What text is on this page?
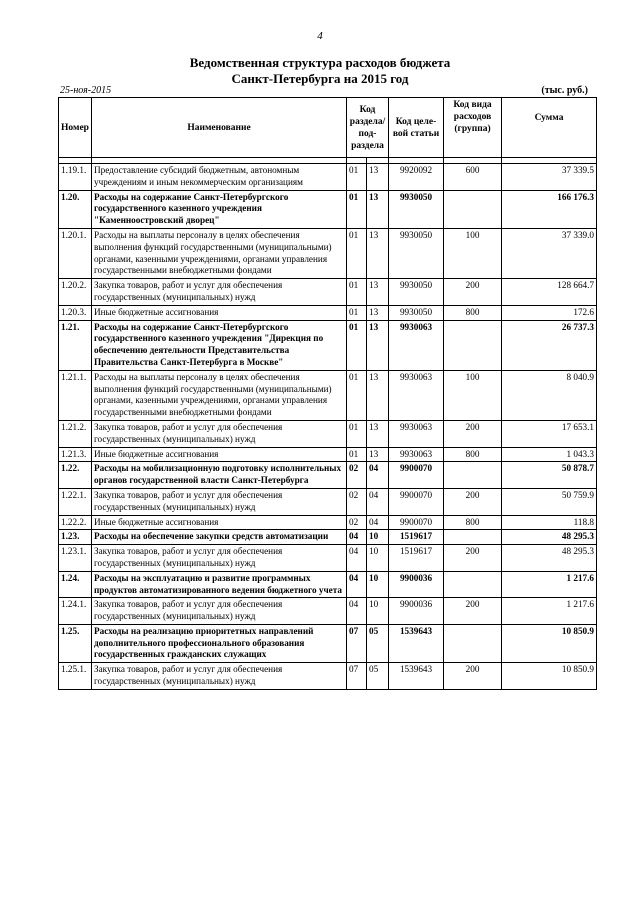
4
Ведомственная структура расходов бюджета
Санкт-Петербурга на 2015 год
25-ноя-2015	(тыс. руб.)
Номер	Наименование	Код раздела/ под-раздела		Код целе-вой статьи	Код вида расходов (группа)	Сумма

1.19.1.	Предоставление субсидий бюджетным, автономным учреждениям и иным некоммерческим организациям	01	13	9920092	600	37 339.5
1.20.	Расходы на содержание Санкт-Петербургского государственного казенного учреждения "Каменноостровский дворец"	01	13	9930050		166 176.3
1.20.1.	Расходы на выплаты персоналу в целях обеспечения выполнения функций государственными (муниципальными) органами, казенными учреждениями, органами управления государственными внебюджетными фондами	01	13	9930050	100	37 339.0
1.20.2.	Закупка товаров, работ и услуг для обеспечения государственных (муниципальных) нужд	01	13	9930050	200	128 664.7
1.20.3.	Иные бюджетные ассигнования	01	13	9930050	800	172.6
1.21.	Расходы на содержание Санкт-Петербургского государственного казенного учреждения "Дирекция по обеспечению деятельности Представительства Правительства Санкт-Петербурга в Москве"	01	13	9930063		26 737.3
1.21.1.	Расходы на выплаты персоналу в целях обеспечения выполнения функций государственными (муниципальными) органами, казенными учреждениями, органами управления государственными внебюджетными фондами	01	13	9930063	100	8 040.9
1.21.2.	Закупка товаров, работ и услуг для обеспечения государственных (муниципальных) нужд	01	13	9930063	200	17 653.1
1.21.3.	Иные бюджетные ассигнования	01	13	9930063	800	1 043.3
1.22.	Расходы на мобилизационную подготовку исполнительных органов государственной власти Санкт-Петербурга	02	04	9900070		50 878.7
1.22.1.	Закупка товаров, работ и услуг для обеспечения государственных (муниципальных) нужд	02	04	9900070	200	50 759.9
1.22.2.	Иные бюджетные ассигнования	02	04	9900070	800	118.8
1.23.	Расходы на обеспечение закупки средств автоматизации	04	10	1519617		48 295.3
1.23.1.	Закупка товаров, работ и услуг для обеспечения государственных (муниципальных) нужд	04	10	1519617	200	48 295.3
1.24.	Расходы на эксплуатацию и развитие программных продуктов автоматизированного ведения бюджетного учета	04	10	9900036		1 217.6
1.24.1.	Закупка товаров, работ и услуг для обеспечения государственных (муниципальных) нужд	04	10	9900036	200	1 217.6
1.25.	Расходы на реализацию приоритетных направлений дополнительного профессионального образования государственных гражданских служащих	07	05	1539643		10 850.9
1.25.1.	Закупка товаров, работ и услуг для обеспечения государственных (муниципальных) нужд	07	05	1539643	200	10 850.9
